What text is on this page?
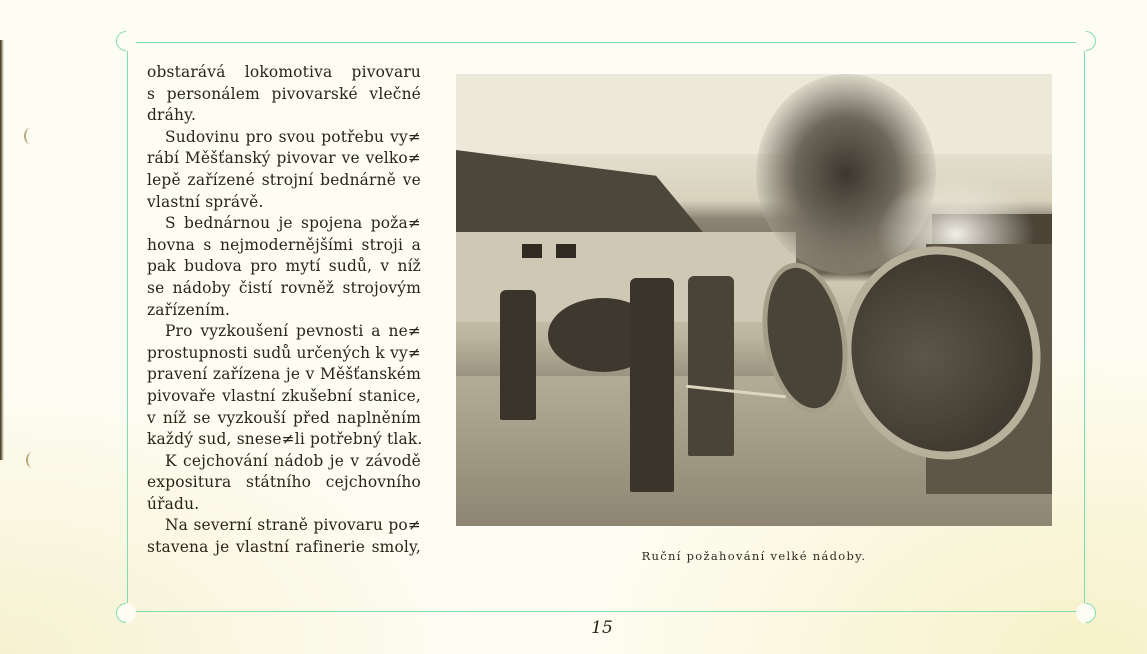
obstarává lokomotiva pivovaru
s personálem pivovarské vlečné
dráhy.
Sudovinu pro svou potřebu vy≠
rábí Měšťanský pivovar ve velko≠
lepě zařízené strojní bednárně ve
vlastní správě.
S bednárnou je spojena poža≠
hovna s nejmodernějšími stroji a
pak budova pro mytí sudů, v níž
se nádoby čistí rovněž strojovým
zařízením.
Pro vyzkoušení pevnosti a ne≠
prostupnosti sudů určených k vy≠
pravení zařízena je v Měšťanském
pivovaře vlastní zkušební stanice,
v níž se vyzkouší před naplněním
každý sud, snese≠li potřebný tlak.
K cejchování nádob je v závodě
expositura státního cejchovního
úřadu.
Na severní straně pivovaru po≠
stavena je vlastní rafinerie smoly,	Ruční požahování velké nádoby.
15
